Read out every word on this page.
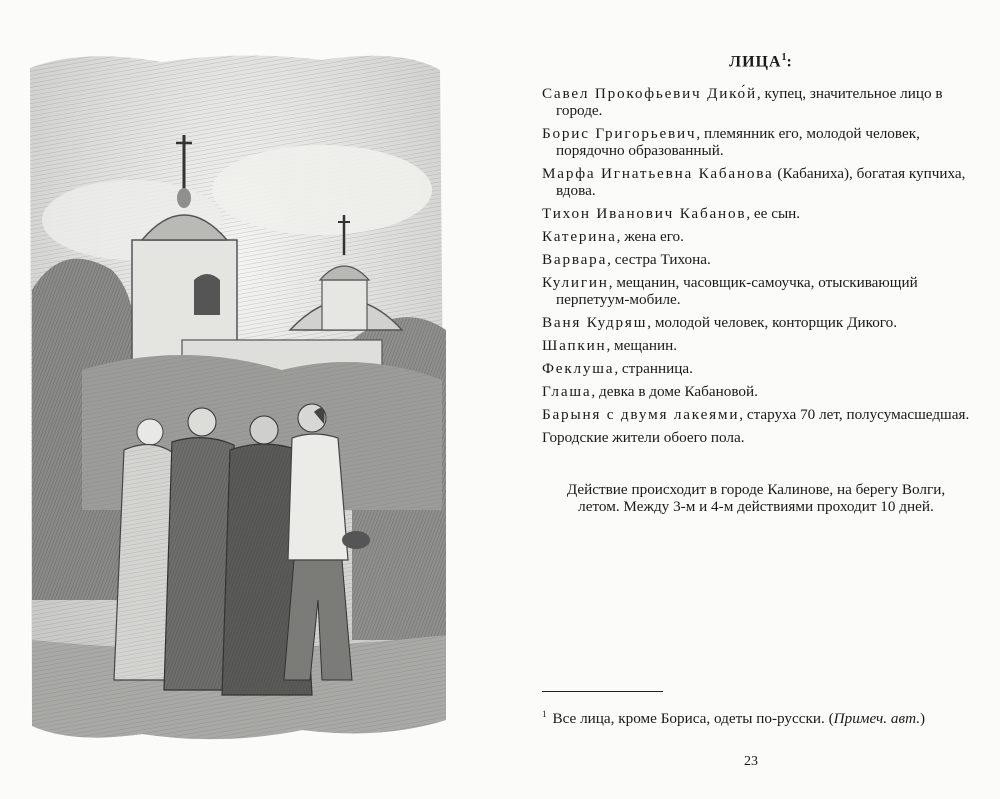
ЛИЦА$^1$:
Савел Прокофьевич Дико́й, купец, значительное лицо в городе.
Борис Григорьевич, племянник его, молодой человек, порядочно образованный.
Марфа Игнатьевна Кабанова (Кабаниха), богатая купчиха, вдова.
Тихон Иванович Кабанов, ее сын.
Катерина, жена его.
Варвара, сестра Тихона.
Кулигин, мещанин, часовщик-самоучка, отыскивающий перпетуум-мобиле.
Ваня Кудряш, молодой человек, конторщик Дикого.
Шапкин, мещанин.
Феклуша, странница.
Глаша, девка в доме Кабановой.
Барыня с двумя лакеями, старуха 70 лет, полусумасшедшая.
Городские жители обоего пола.

Действие происходит в городе Калинове, на берегу Волги, летом. Между 3-м и 4-м действиями проходит 10 дней.

$^1$ Все лица, кроме Бориса, одеты по-русски. (Примеч. авт.)
23
